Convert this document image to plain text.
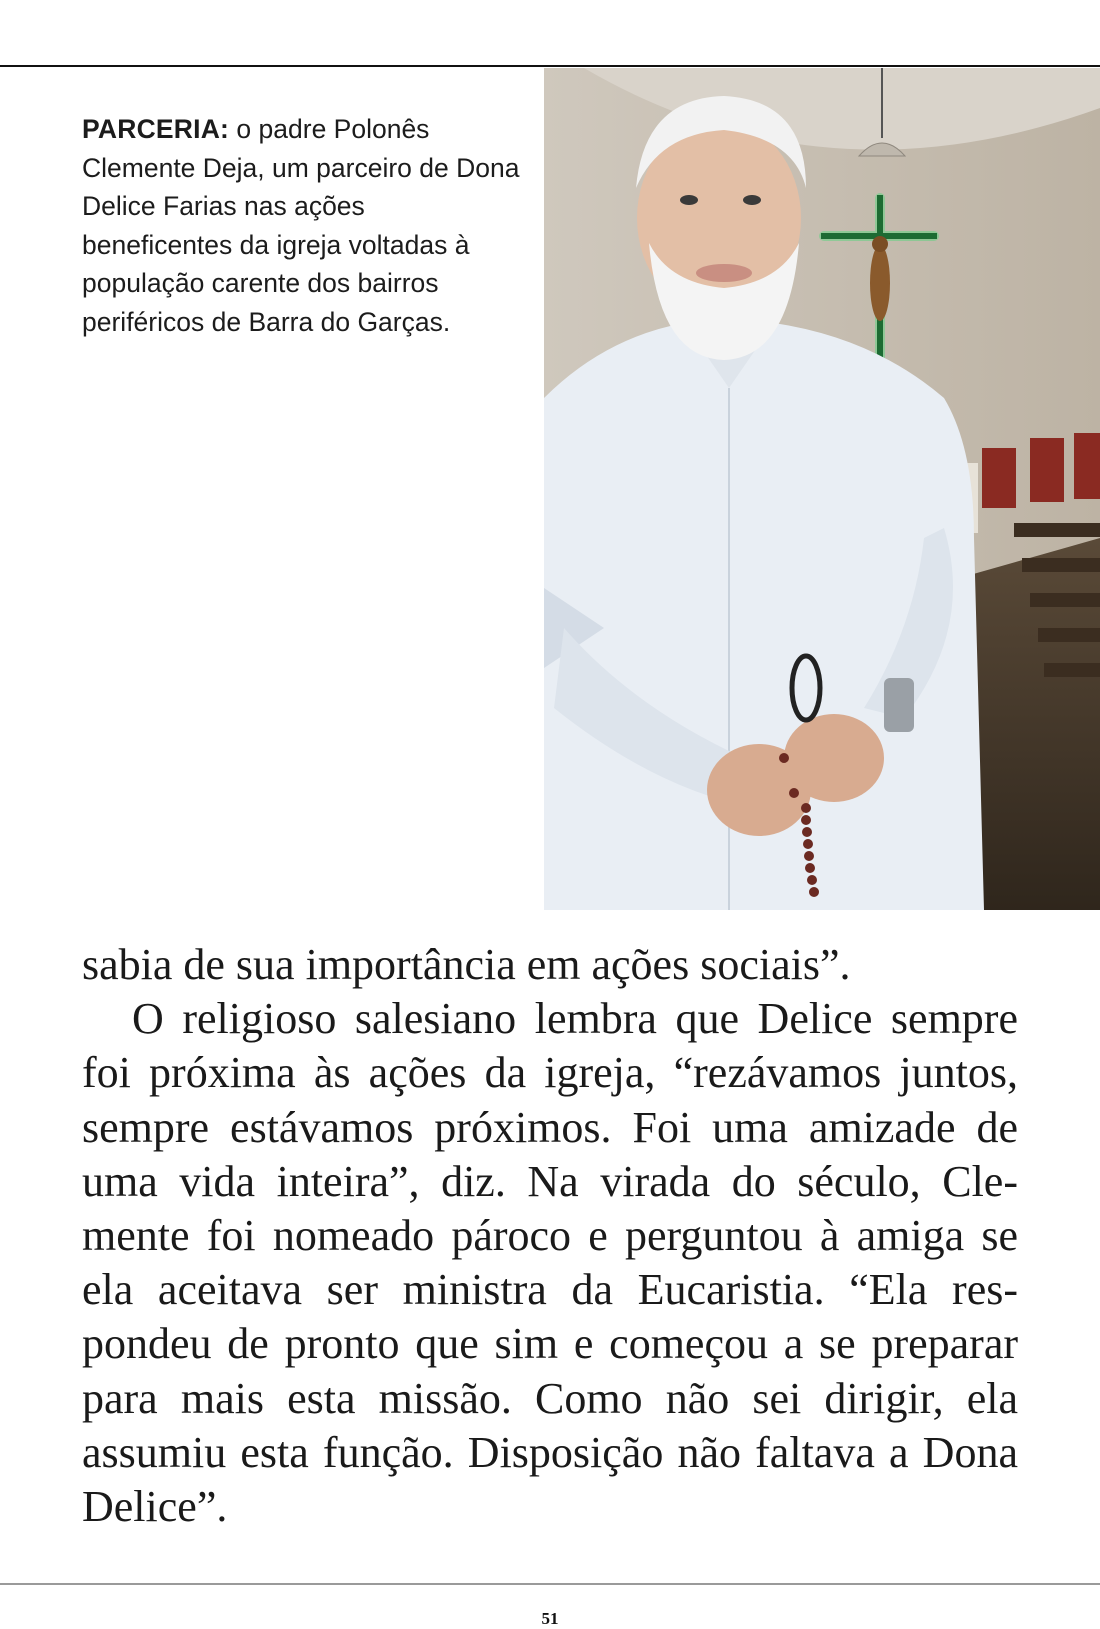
PARCERIA: o padre Polonês Clemente Deja, um parceiro de Dona Delice Farias nas ações beneficentes da igreja voltadas à população carente dos bairros periféricos de Barra do Garças.

sabia de sua importância em ações sociais”.

O religioso salesiano lembra que Delice sempre foi próxima às ações da igreja, “rezávamos juntos, sempre estávamos próximos. Foi uma amizade de uma vida inteira”, diz. Na virada do século, Clemente foi nomeado pároco e perguntou à amiga se ela aceitava ser ministra da Eucaristia. “Ela respondeu de pronto que sim e começou a se preparar para mais esta missão. Como não sei dirigir, ela assumiu esta função. Disposição não faltava a Dona Delice”.

51
